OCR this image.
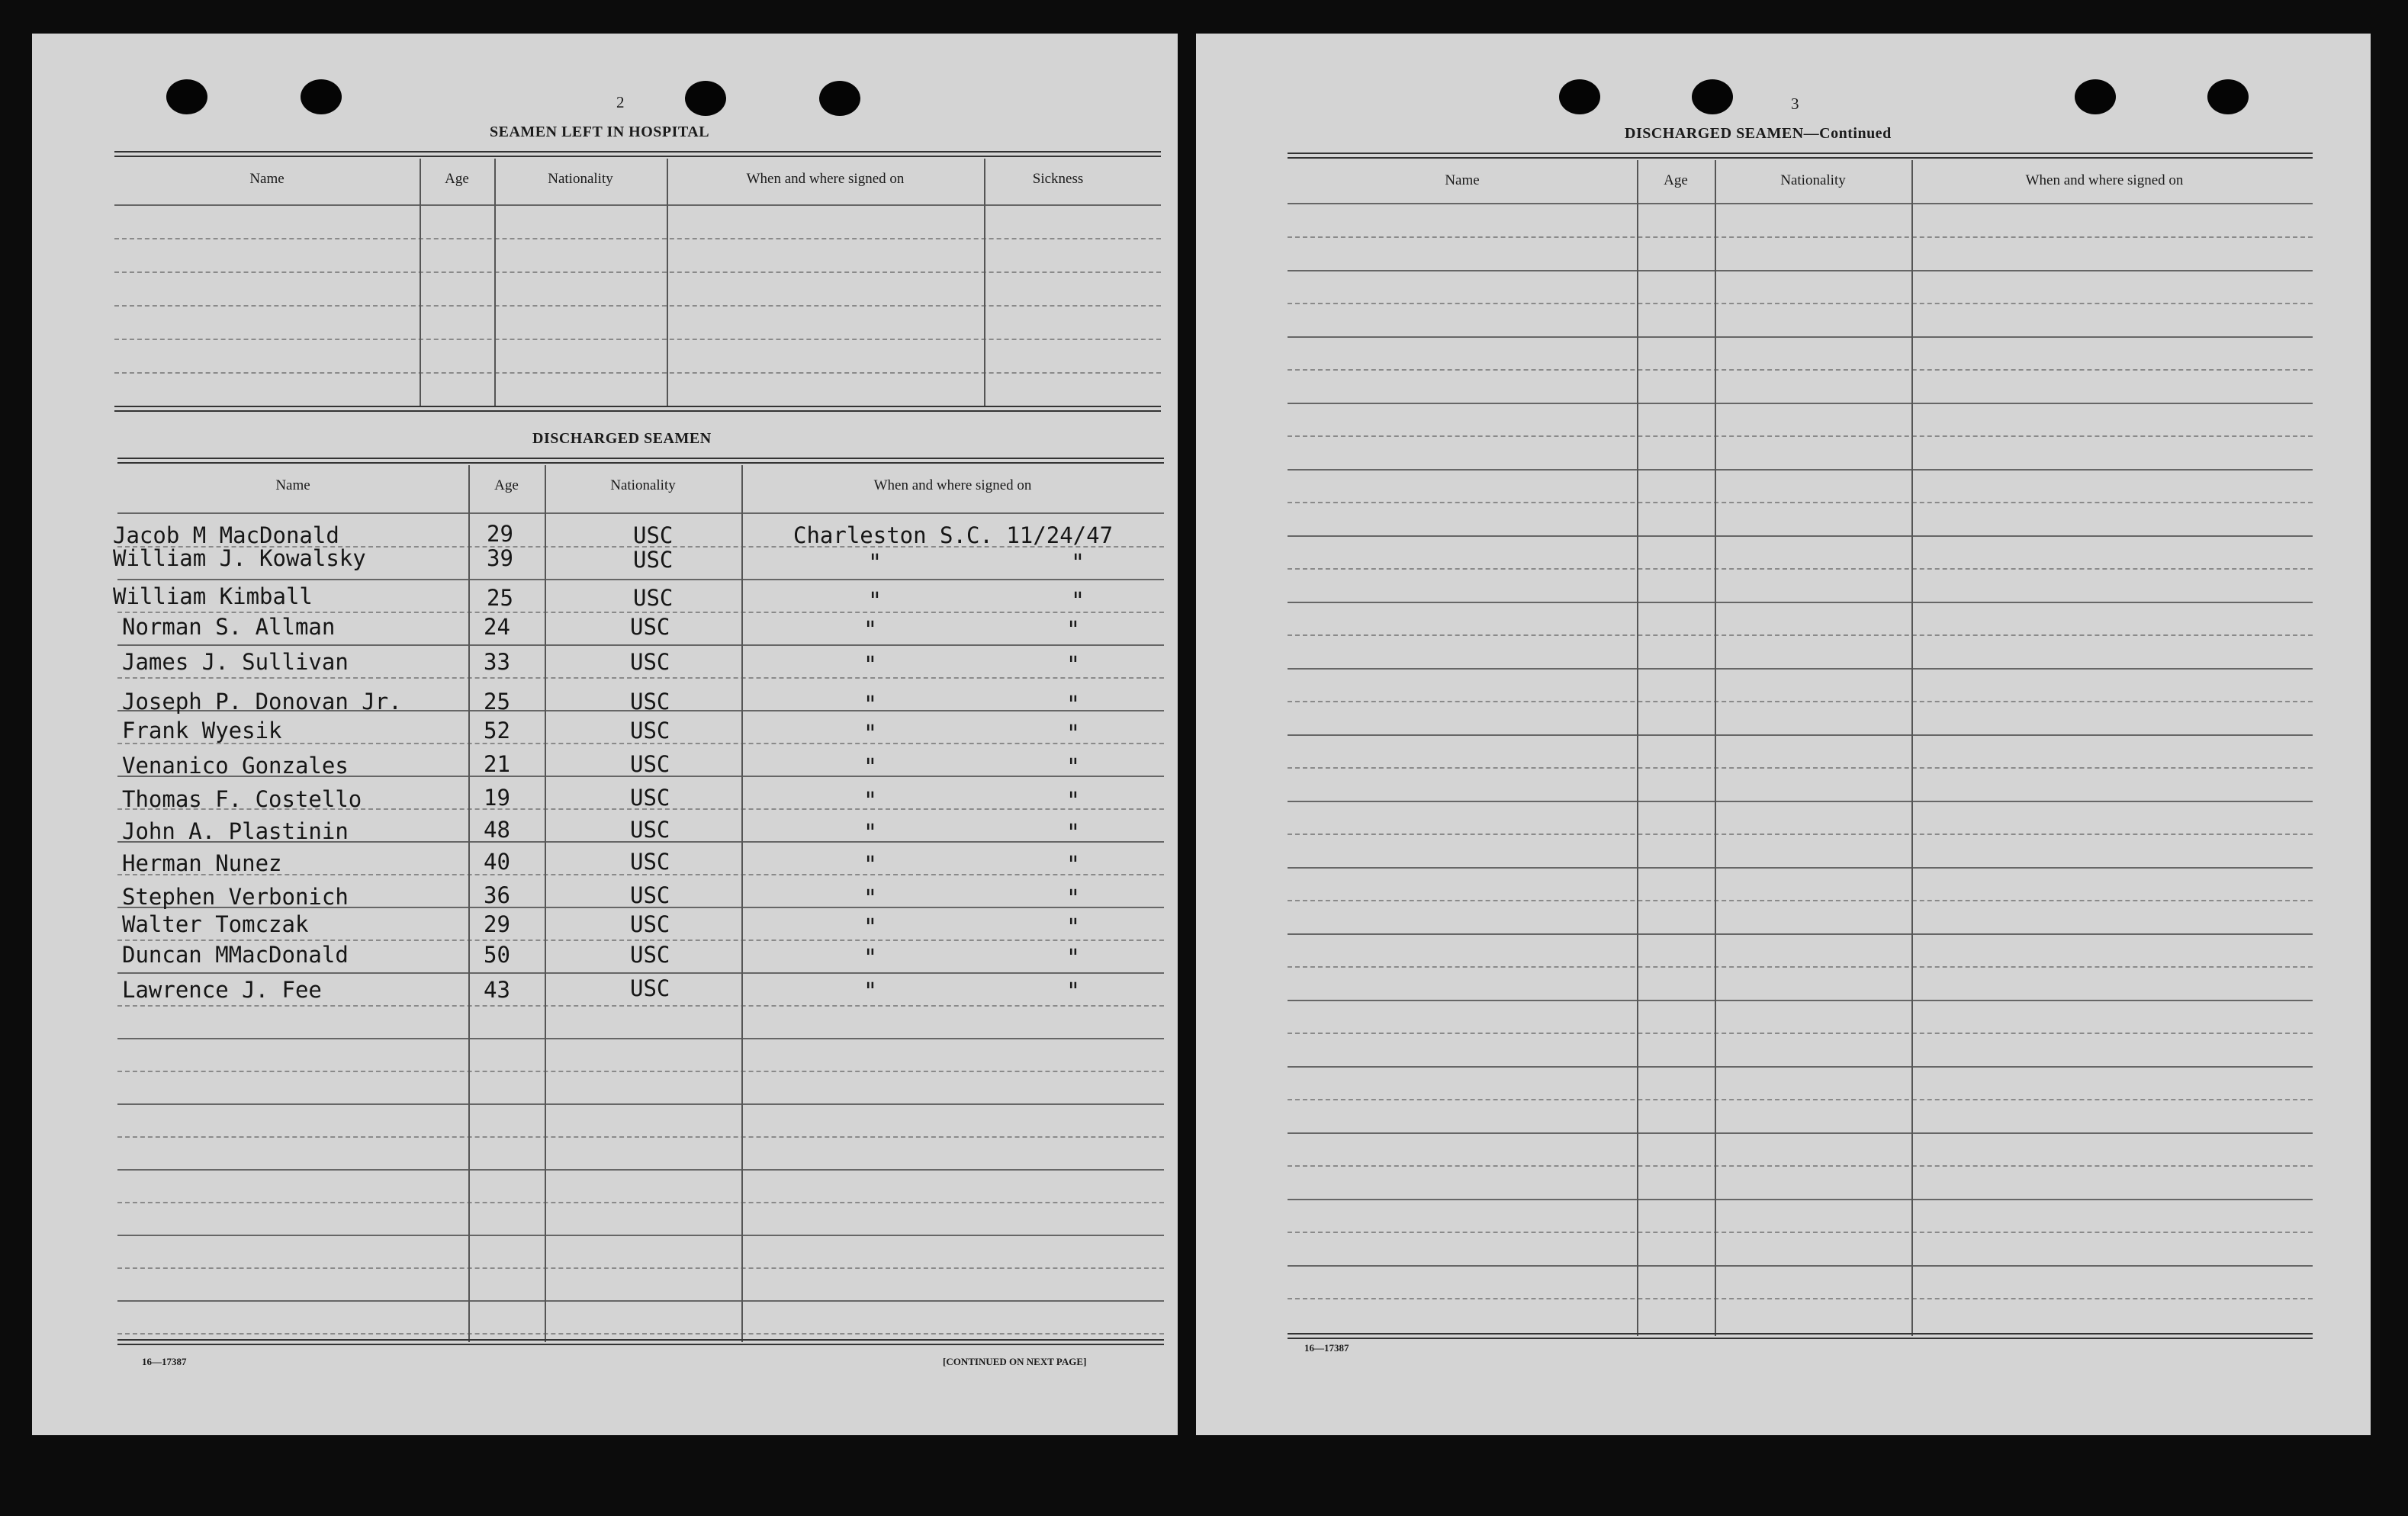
2
SEAMEN LEFT IN HOSPITAL
Name	Age	Nationality	When and where signed on	Sickness
DISCHARGED SEAMEN
Name	Age	Nationality	When and where signed on
Jacob M MacDonald	29	USC	Charleston S.C. 11/24/47
William J. Kowalsky	39	USC	"	"
William Kimball	25	USC	"	"
Norman S. Allman	24	USC	"	"
James J. Sullivan	33	USC	"	"
Joseph P. Donovan Jr.	25	USC	"	"
Frank Wyesik	52	USC	"	"
Venanico Gonzales	21	USC	"	"
Thomas F. Costello	19	USC	"	"
John A. Plastinin	48	USC	"	"
Herman Nunez	40	USC	"	"
Stephen Verbonich	36	USC	"	"
Walter Tomczak	29	USC	"	"
Duncan MMacDonald	50	USC	"	"
Lawrence J. Fee	43	USC	"	"
16—17387	[CONTINUED ON NEXT PAGE]
3
DISCHARGED SEAMEN—Continued
Name	Age	Nationality	When and where signed on
16—17387
